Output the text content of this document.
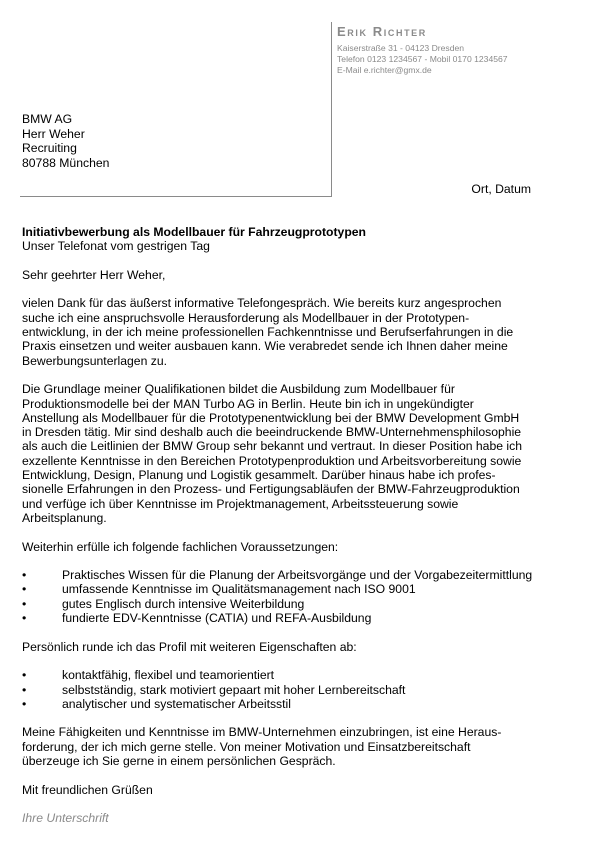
Erik Richter
Kaiserstraße 31 - 04123 Dresden
Telefon 0123 1234567 - Mobil 0170 1234567
E-Mail e.richter@gmx.de
BMW AG
Herr Weher
Recruiting
80788 München
Ort, Datum
Initiativbewerbung als Modellbauer für Fahrzeugprototypen
Unser Telefonat vom gestrigen Tag
Sehr geehrter Herr Weher,
vielen Dank für das äußerst informative Telefongespräch. Wie bereits kurz angesprochen
suche ich eine anspruchsvolle Herausforderung als Modellbauer in der Prototypen-
entwicklung, in der ich meine professionellen Fachkenntnisse und Berufserfahrungen in die
Praxis einsetzen und weiter ausbauen kann. Wie verabredet sende ich Ihnen daher meine
Bewerbungsunterlagen zu.
Die Grundlage meiner Qualifikationen bildet die Ausbildung zum Modellbauer für
Produktionsmodelle bei der MAN Turbo AG in Berlin. Heute bin ich in ungekündigter
Anstellung als Modellbauer für die Prototypenentwicklung bei der BMW Development GmbH
in Dresden tätig. Mir sind deshalb auch die beeindruckende BMW-Unternehmensphilosophie
als auch die Leitlinien der BMW Group sehr bekannt und vertraut. In dieser Position habe ich
exzellente Kenntnisse in den Bereichen Prototypenproduktion und Arbeitsvorbereitung sowie
Entwicklung, Design, Planung und Logistik gesammelt. Darüber hinaus habe ich profes-
sionelle Erfahrungen in den Prozess- und Fertigungsabläufen der BMW-Fahrzeugproduktion
und verfüge ich über Kenntnisse im Projektmanagement, Arbeitssteuerung sowie
Arbeitsplanung.
Weiterhin erfülle ich folgende fachlichen Voraussetzungen:
•	Praktisches Wissen für die Planung der Arbeitsvorgänge und der Vorgabezeitermittlung
•	umfassende Kenntnisse im Qualitätsmanagement nach ISO 9001
•	gutes Englisch durch intensive Weiterbildung
•	fundierte EDV-Kenntnisse (CATIA) und REFA-Ausbildung
Persönlich runde ich das Profil mit weiteren Eigenschaften ab:
•	kontaktfähig, flexibel und teamorientiert
•	selbstständig, stark motiviert gepaart mit hoher Lernbereitschaft
•	analytischer und systematischer Arbeitsstil
Meine Fähigkeiten und Kenntnisse im BMW-Unternehmen einzubringen, ist eine Heraus-
forderung, der ich mich gerne stelle. Von meiner Motivation und Einsatzbereitschaft
überzeuge ich Sie gerne in einem persönlichen Gespräch.
Mit freundlichen Grüßen
Ihre Unterschrift
